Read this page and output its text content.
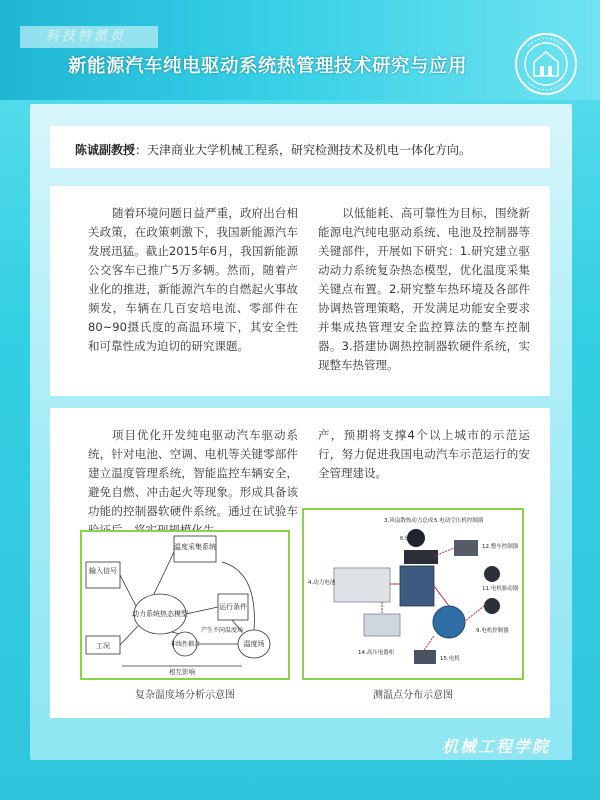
科技特派员
新能源汽车纯电驱动系统热管理技术研究与应用
陈诚副教授：天津商业大学机械工程系，研究检测技术及机电一体化方向。

随着环境问题日益严重，政府出台相关政策，在政策刺激下，我国新能源汽车发展迅猛。截止2015年6月，我国新能源公交客车已推广5万多辆。然而，随着产业化的推进，新能源汽车的自燃起火事故频发，车辆在几百安培电流、零部件在80~90摄氏度的高温环境下，其安全性和可靠性成为迫切的研究课题。

以低能耗、高可靠性为目标，围绕新能源电汽纯电驱动系统、电池及控制器等关键部件，开展如下研究：1.研究建立驱动动力系统复杂热态模型，优化温度采集关键点布置。2.研究整车热环境及各部件协调热管理策略，开发满足功能安全要求并集成热管理安全监控算法的整车控制器。3.搭建协调热控制器软硬件系统，实现整车热管理。

项目优化开发纯电驱动汽车驱动系统，针对电池、空调、电机等关键零部件建立温度管理系统，智能监控车辆安全，避免自燃、冲击起火等现象。形成具备该功能的控制器软硬件系统。通过在试验车

产，预期将支撑4个以上城市的示范运行，努力促进我国电动汽车示范运行的安全管理建设。

输入信号
温度采集系统
动力系统热态模型
工况
运行条件
产生不同温度场
非线性耦合	温度场
相互影响
复杂温度场分析示意图
3.风扇散热动力总成 5.电动空压机控制器
6.辅助系统
12.整车控制器
4.动力电池
11.电机驱动器
9.电机控制器
14.高压电器柜
15.电机
测温点分布示意图
机械工程学院
